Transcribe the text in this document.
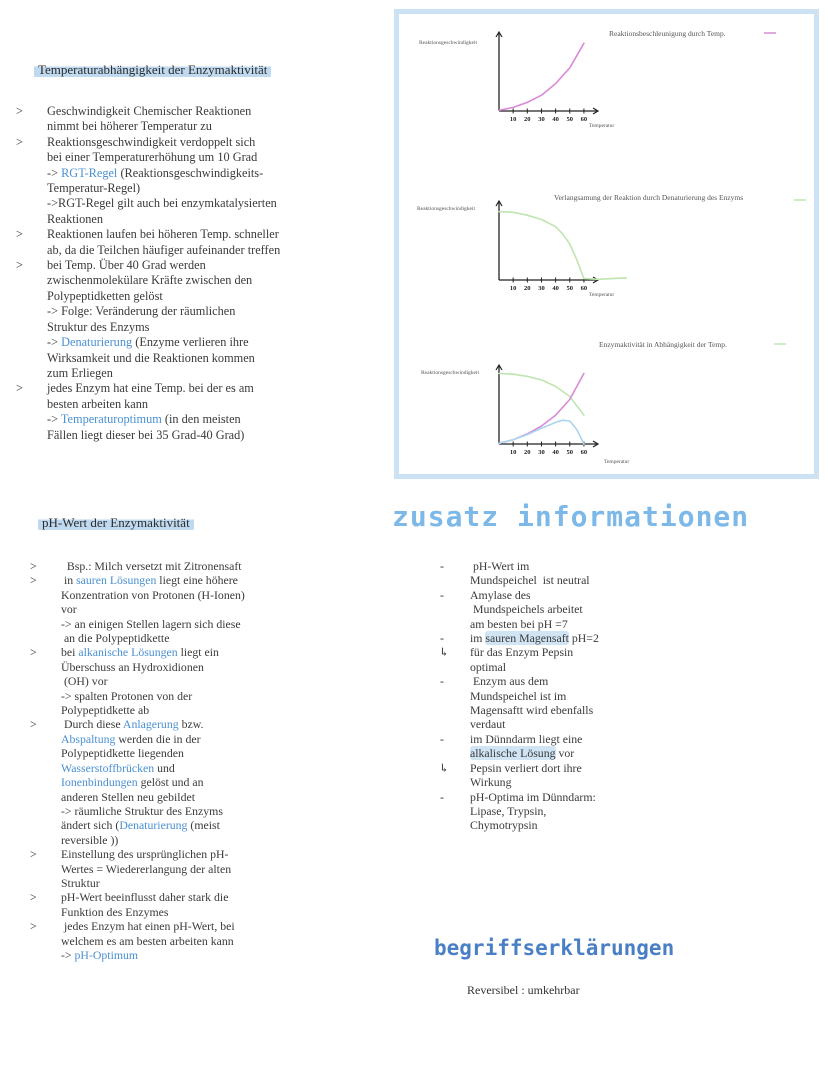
Temperaturabhängigkeit der Enzymaktivität
> Geschwindigkeit Chemischer Reaktionen
nimmt bei höherer Temperatur zu
> Reaktionsgeschwindigkeit verdoppelt sich
bei einer Temperaturerhöhung um 10 Grad
-> RGT-Regel (Reaktionsgeschwindigkeits-
Temperatur-Regel)
->RGT-Regel gilt auch bei enzymkatalysierten
Reaktionen
> Reaktionen laufen bei höheren Temp. schneller
ab, da die Teilchen häufiger aufeinander treffen
> bei Temp. Über 40 Grad werden
zwischenmolekülare Kräfte zwischen den
Polypeptidketten gelöst
-> Folge: Veränderung der räumlichen
Struktur des Enzyms
-> Denaturierung (Enzyme verlieren ihre
Wirksamkeit und die Reaktionen kommen
zum Erliegen
> jedes Enzym hat eine Temp. bei der es am
besten arbeiten kann
-> Temperaturoptimum (in den meisten
Fällen liegt dieser bei 35 Grad-40 Grad)
Reaktionsbeschleunigung durch Temp.
Reaktionsgeschwindigkeit
Temperatur
10 20 30 40 50 60
Verlangsamung der Reaktion durch Denaturierung des Enzyms
Reaktionsgeschwindigkeit
Temperatur
10 20 30 40 50 60
Enzymaktivität in Abhängigkeit der Temp.
Reaktionsgeschwindigkeit
Temperatur
10 20 30 40 50 60
pH-Wert der Enzymaktivität
> Bsp.: Milch versetzt mit Zitronensaft
> in sauren Lösungen liegt eine höhere
Konzentration von Protonen (H-Ionen)
vor
-> an einigen Stellen lagern sich diese
an die Polypeptidkette
> bei alkanische Lösungen liegt ein
Überschuss an Hydroxidionen
(OH) vor
-> spalten Protonen von der
Polypeptidkette ab
> Durch diese Anlagerung bzw.
Abspaltung werden die in der
Polypeptidkette liegenden
Wasserstoffbrücken und
Ionenbindungen gelöst und an
anderen Stellen neu gebildet
-> räumliche Struktur des Enzyms
ändert sich (Denaturierung (meist
reversible ))
> Einstellung des ursprünglichen pH-
Wertes = Wiedererlangung der alten
Struktur
> pH-Wert beeinflusst daher stark die
Funktion des Enzymes
> jedes Enzym hat einen pH-Wert, bei
welchem es am besten arbeiten kann
-> pH-Optimum
zusatz informationen
- pH-Wert im
Mundspeichel  ist neutral
- Amylase des
Mundspeichels arbeitet
am besten bei pH =7
- im sauren Magensaft pH=2
↳ für das Enzym Pepsin
optimal
- Enzym aus dem
Mundspeichel ist im
Magensaftt wird ebenfalls
verdaut
- im Dünndarm liegt eine
alkalische Lösung vor
↳ Pepsin verliert dort ihre
Wirkung
- pH-Optima im Dünndarm:
Lipase, Trypsin,
Chymotrypsin
begriffserklärungen
Reversibel : umkehrbar
